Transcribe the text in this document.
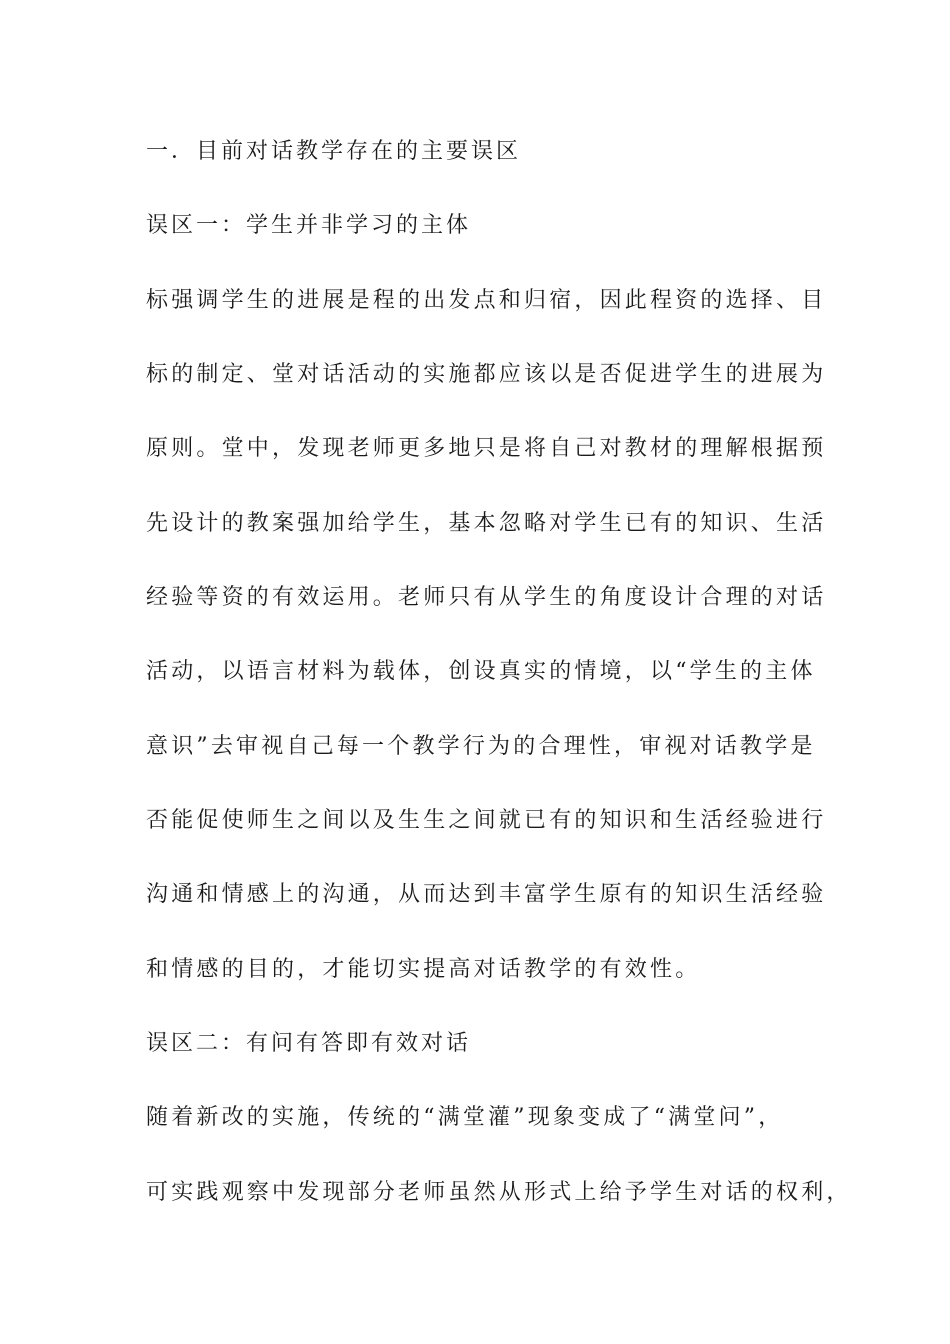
一．目前对话教学存在的主要误区
误区一：学生并非学习的主体
标强调学生的进展是程的出发点和归宿，因此程资的选择、目
标的制定、堂对话活动的实施都应该以是否促进学生的进展为
原则。堂中，发现老师更多地只是将自己对教材的理解根据预
先设计的教案强加给学生，基本忽略对学生已有的知识、生活
经验等资的有效运用。老师只有从学生的角度设计合理的对话
活动，以语言材料为载体，创设真实的情境，以“学生的主体
意识”去审视自己每一个教学行为的合理性，审视对话教学是
否能促使师生之间以及生生之间就已有的知识和生活经验进行
沟通和情感上的沟通，从而达到丰富学生原有的知识生活经验
和情感的目的，才能切实提高对话教学的有效性。
误区二：有问有答即有效对话
随着新改的实施，传统的“满堂灌”现象变成了“满堂问”，
可实践观察中发现部分老师虽然从形式上给予学生对话的权利，
